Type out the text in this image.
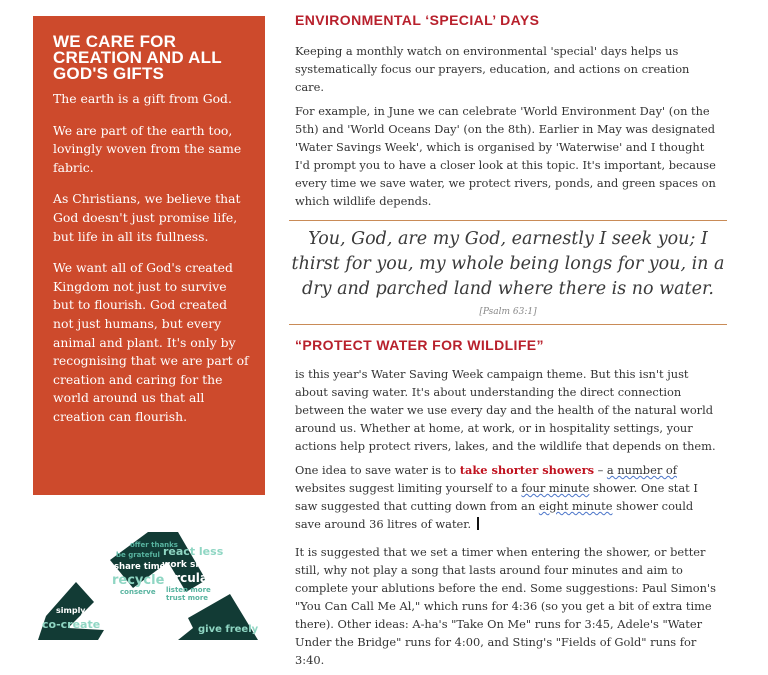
WE CARE FOR CREATION AND ALL GOD'S GIFTS

The earth is a gift from God.

We are part of the earth too, lovingly woven from the same fabric.

As Christians, we believe that God doesn't just promise life, but life in all its fullness.

We want all of God's created Kingdom not just to survive but to flourish. God created not just humans, but every animal and plant. It's only by recognising that we are part of creation and caring for the world around us that all creation can flourish.

offer thanks
be grateful
share time
react less
work share
recycle
conserve
circulate
listen more
trust more
simply be
co-create	give freely
ENVIRONMENTAL ‘SPECIAL’ DAYS

Keeping a monthly watch on environmental 'special' days helps us systematically focus our prayers, education, and actions on creation care.

For example, in June we can celebrate 'World Environment Day' (on the 5th) and 'World Oceans Day' (on the 8th). Earlier in May was designated 'Water Savings Week', which is organised by 'Waterwise' and I thought I'd prompt you to have a closer look at this topic. It's important, because every time we save water, we protect rivers, ponds, and green spaces on which wildlife depends.

You, God, are my God, earnestly I seek you; I thirst for you, my whole being longs for you, in a dry and parched land where there is no water.

[Psalm 63:1]
“PROTECT WATER FOR WILDLIFE”

is this year's Water Saving Week campaign theme. But this isn't just about saving water. It's about understanding the direct connection between the water we use every day and the health of the natural world around us. Whether at home, at work, or in hospitality settings, your actions help protect rivers, lakes, and the wildlife that depends on them.

One idea to save water is to take shorter showers – a number of websites suggest limiting yourself to a four minute shower. One stat I saw suggested that cutting down from an eight minute shower could save around 36 litres of water.

It is suggested that we set a timer when entering the shower, or better still, why not play a song that lasts around four minutes and aim to complete your ablutions before the end. Some suggestions: Paul Simon's "You Can Call Me Al," which runs for 4:36 (so you get a bit of extra time there). Other ideas: A-ha's "Take On Me" runs for 3:45, Adele's "Water Under the Bridge" runs for 4:00, and Sting's "Fields of Gold" runs for 3:40.
